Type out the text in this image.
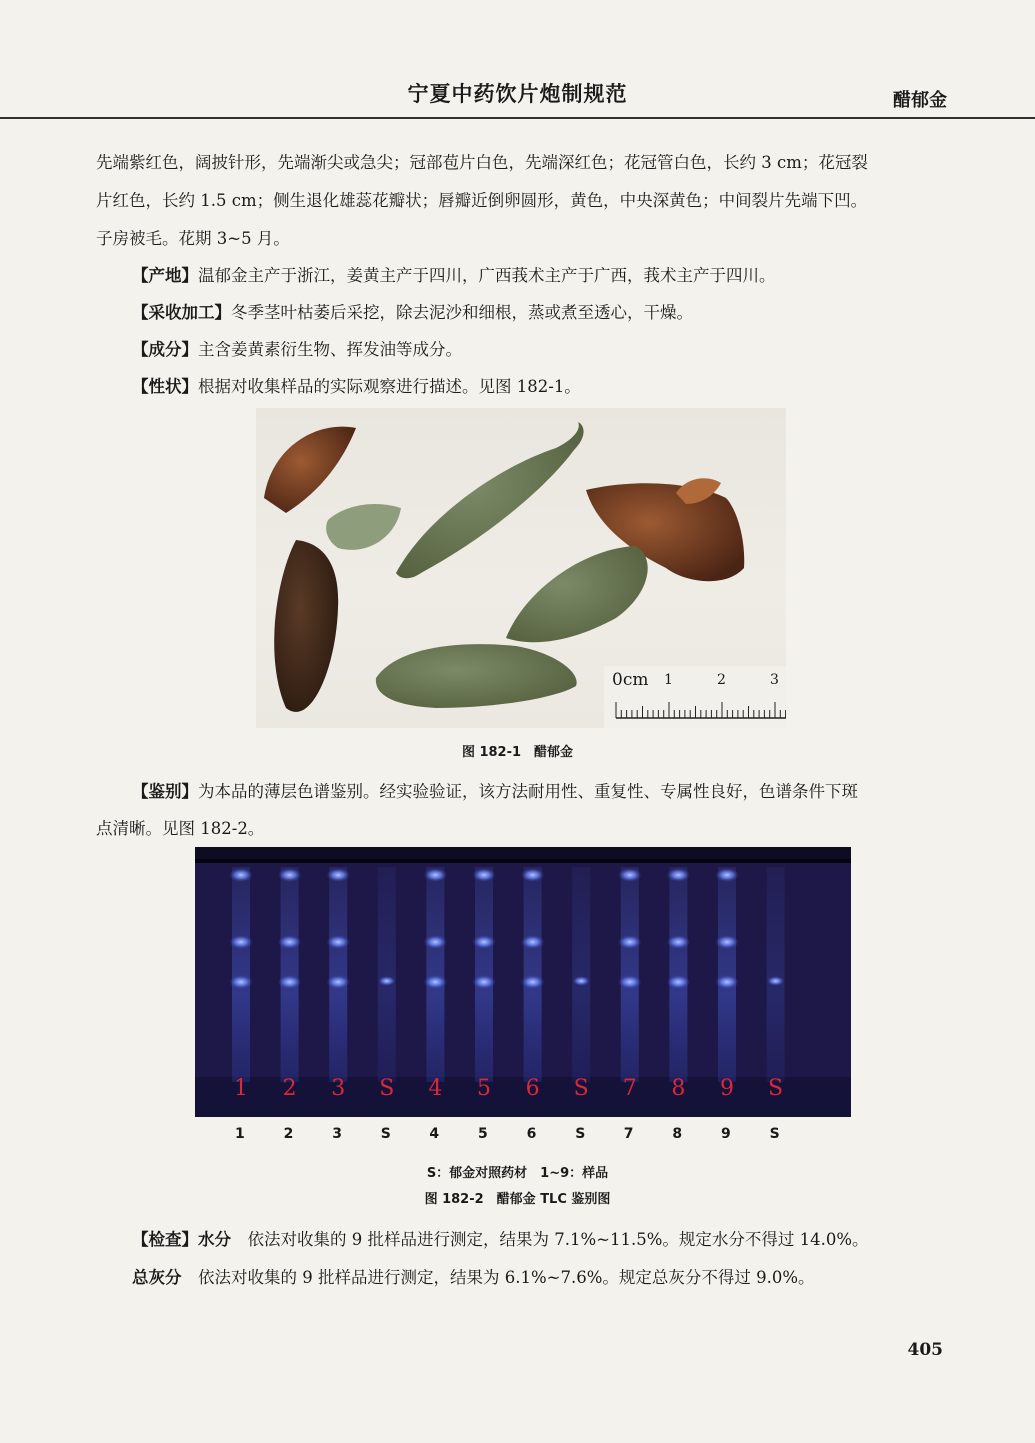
宁夏中药饮片炮制规范	醋郁金
先端紫红色，阔披针形，先端渐尖或急尖；冠部苞片白色，先端深红色；花冠管白色，长约 3 cm；花冠裂
片红色，长约 1.5 cm；侧生退化雄蕊花瓣状；唇瓣近倒卵圆形，黄色，中央深黄色；中间裂片先端下凹。
子房被毛。花期 3~5 月。
【产地】温郁金主产于浙江，姜黄主产于四川，广西莪术主产于广西，莪术主产于四川。
【采收加工】冬季茎叶枯萎后采挖，除去泥沙和细根，蒸或煮至透心，干燥。
【成分】主含姜黄素衍生物、挥发油等成分。
【性状】根据对收集样品的实际观察进行描述。见图 182-1。
0cm 1	2	3
图 182-1　醋郁金
【鉴别】为本品的薄层色谱鉴别。经实验验证，该方法耐用性、重复性、专属性良好，色谱条件下斑
点清晰。见图 182-2。
1 2 3 S 4 5 6 S 7 8 9 S
1	2	3	S	4	5	6	S	7	8	9	S
S：郁金对照药材　1~9：样品
图 182-2　醋郁金 TLC 鉴别图
【检查】水分　 依法对收集的 9 批样品进行测定，结果为 7.1%~11.5%。规定水分不得过 14.0%。
总灰分　 依法对收集的 9 批样品进行测定，结果为 6.1%~7.6%。规定总灰分不得过 9.0%。
405
